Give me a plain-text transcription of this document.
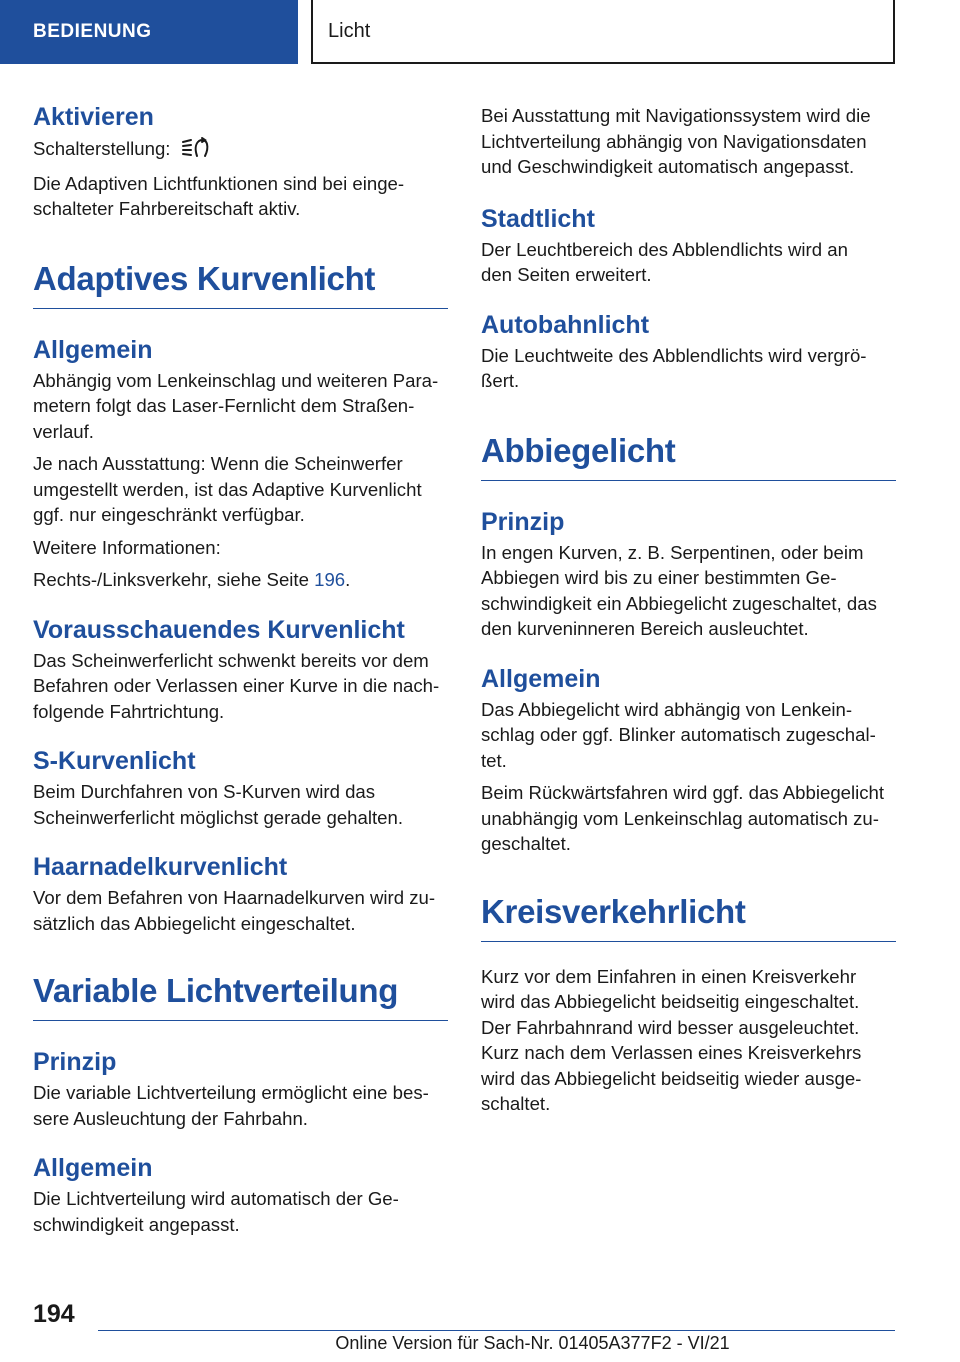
BEDIENUNG	Licht
Aktivieren

Schalterstellung:

Die Adaptiven Lichtfunktionen sind bei einge-
schalteter Fahrbereitschaft aktiv.

Adaptives Kurvenlicht
Allgemein

Abhängig vom Lenkeinschlag und weiteren Para-
metern folgt das Laser-Fernlicht dem Straßen-
verlauf.

Je nach Ausstattung: Wenn die Scheinwerfer
umgestellt werden, ist das Adaptive Kurvenlicht
ggf. nur eingeschränkt verfügbar.

Weitere Informationen:

Rechts-/Linksverkehr, siehe Seite 196.

Vorausschauendes Kurvenlicht

Das Scheinwerferlicht schwenkt bereits vor dem
Befahren oder Verlassen einer Kurve in die nach-
folgende Fahrtrichtung.

S-Kurvenlicht

Beim Durchfahren von S-Kurven wird das
Scheinwerferlicht möglichst gerade gehalten.

Haarnadelkurvenlicht

Vor dem Befahren von Haarnadelkurven wird zu-
sätzlich das Abbiegelicht eingeschaltet.

Variable Lichtverteilung
Prinzip

Die variable Lichtverteilung ermöglicht eine bes-
sere Ausleuchtung der Fahrbahn.

Allgemein

Die Lichtverteilung wird automatisch der Ge-
schwindigkeit angepasst.

Bei Ausstattung mit Navigationssystem wird die
Lichtverteilung abhängig von Navigationsdaten
und Geschwindigkeit automatisch angepasst.

Stadtlicht

Der Leuchtbereich des Abblendlichts wird an
den Seiten erweitert.

Autobahnlicht

Die Leuchtweite des Abblendlichts wird vergrö-
ßert.

Abbiegelicht
Prinzip

In engen Kurven, z. B. Serpentinen, oder beim
Abbiegen wird bis zu einer bestimmten Ge-
schwindigkeit ein Abbiegelicht zugeschaltet, das
den kurveninneren Bereich ausleuchtet.

Allgemein

Das Abbiegelicht wird abhängig von Lenkein-
schlag oder ggf. Blinker automatisch zugeschal-
tet.

Beim Rückwärtsfahren wird ggf. das Abbiegelicht
unabhängig vom Lenkeinschlag automatisch zu-
geschaltet.

Kreisverkehrlicht

Kurz vor dem Einfahren in einen Kreisverkehr
wird das Abbiegelicht beidseitig eingeschaltet.
Der Fahrbahnrand wird besser ausgeleuchtet.
Kurz nach dem Verlassen eines Kreisverkehrs
wird das Abbiegelicht beidseitig wieder ausge-
schaltet.

194
Online Version für Sach-Nr. 01405A377F2 - VI/21
